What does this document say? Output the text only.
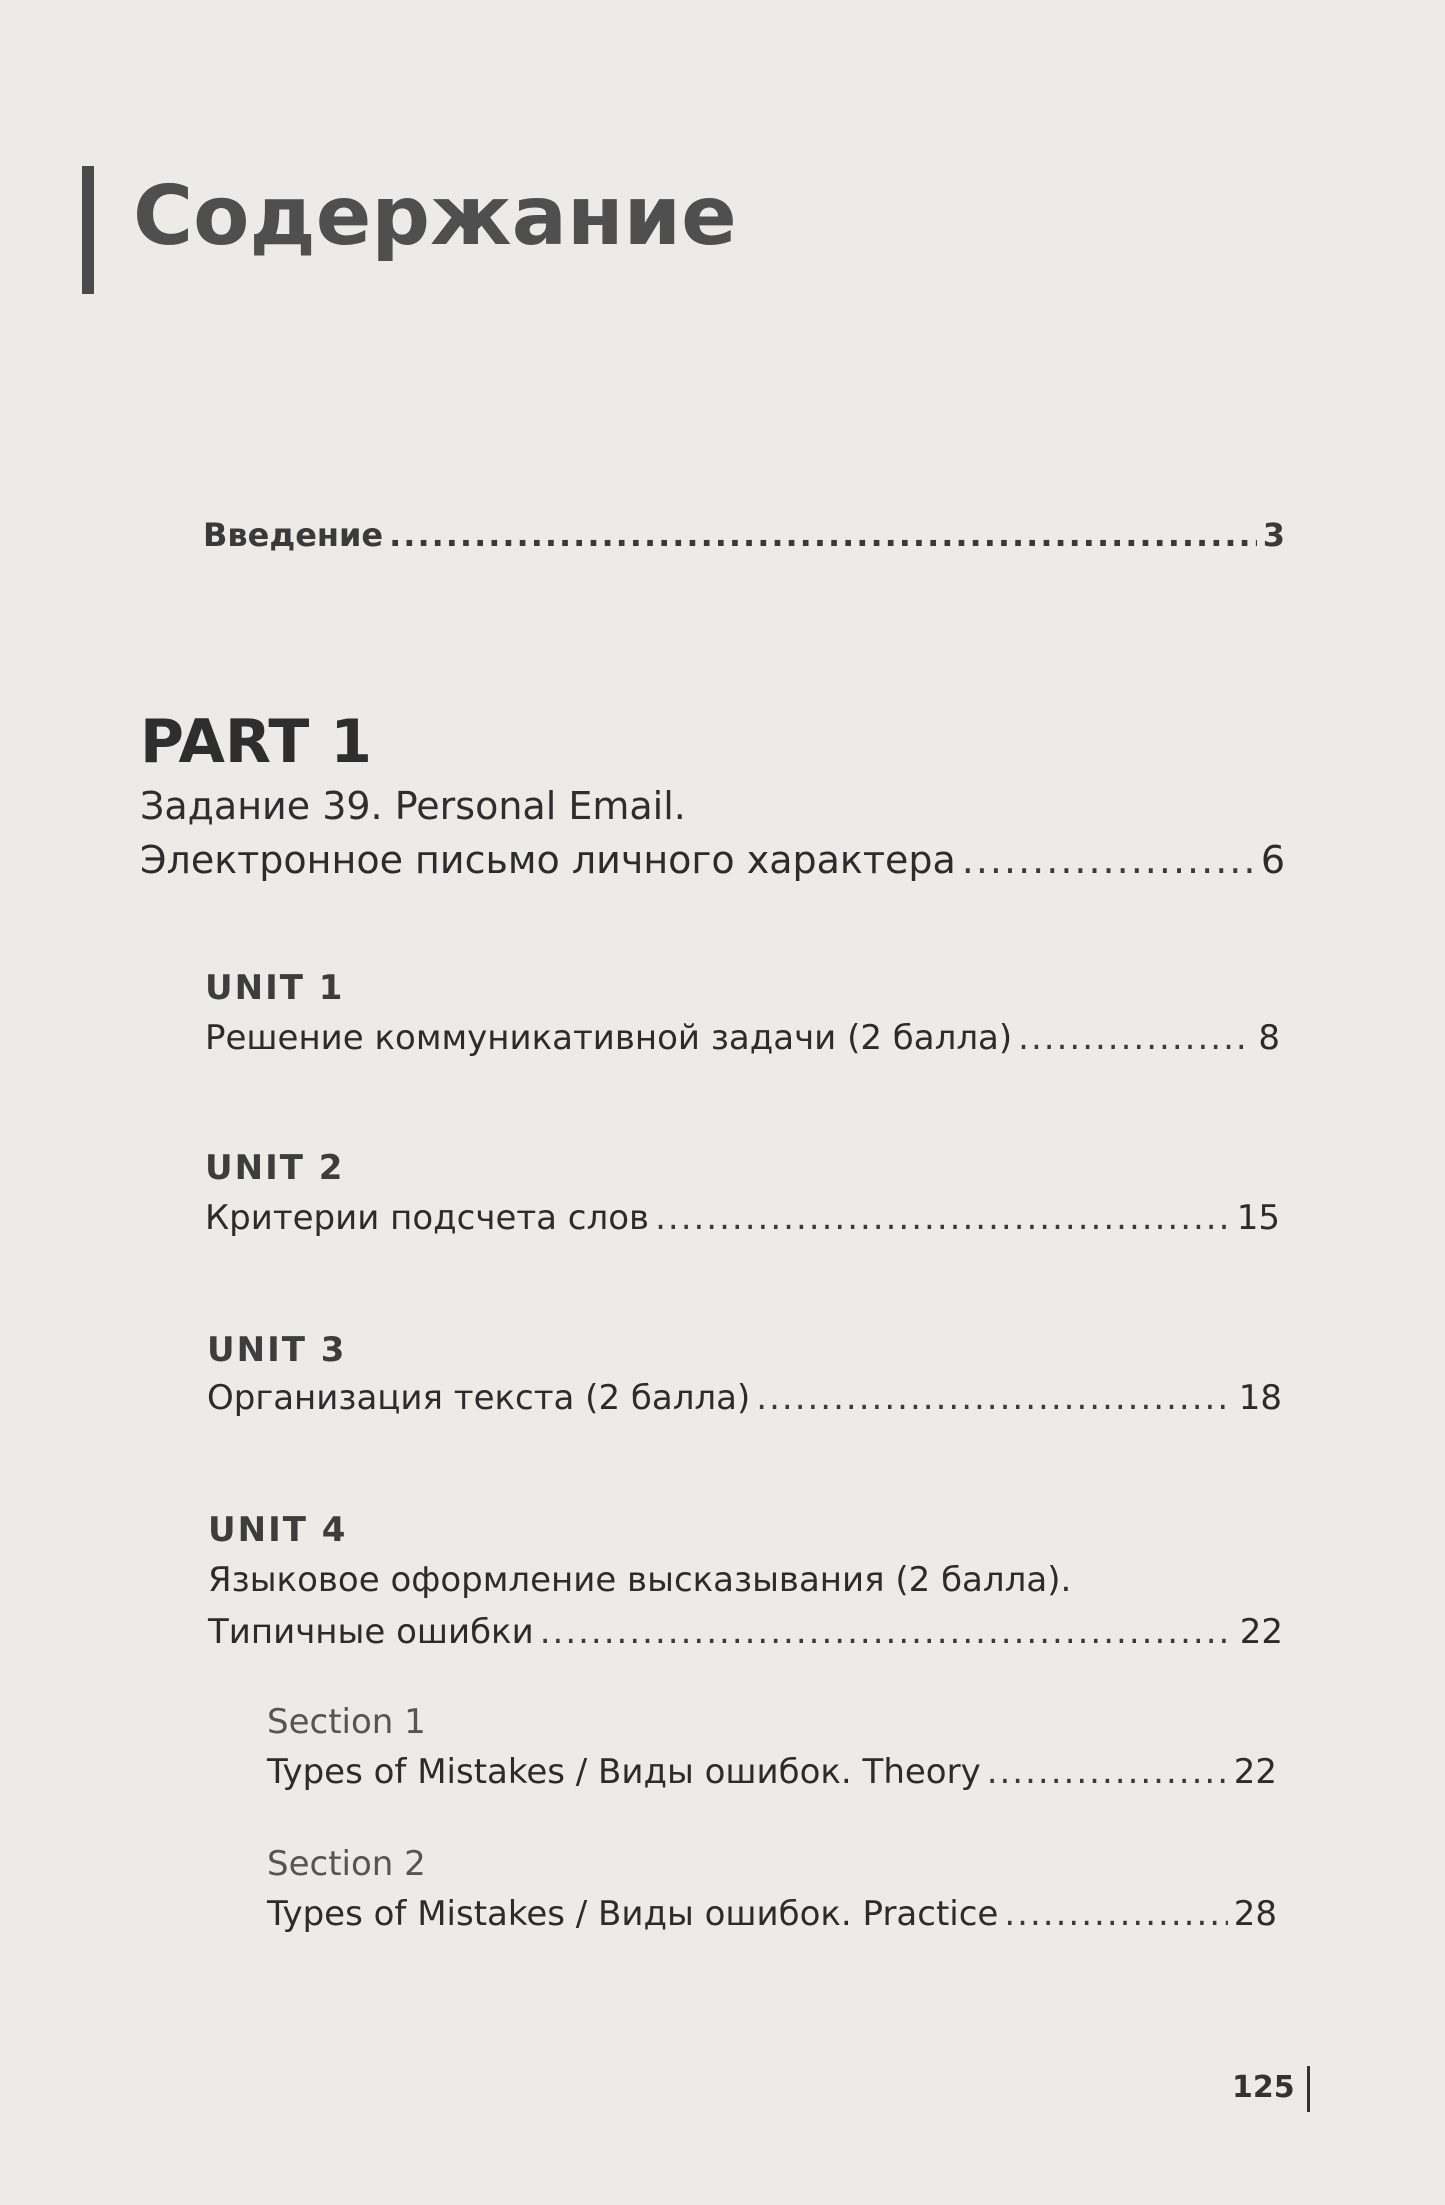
Содержание
Введение .....	3
PART 1
Задание 39. Personal Email.
Электронное письмо личного характера .....	6
UNIT 1
Решение коммуникативной задачи (2 балла) .....	8
UNIT 2
Критерии подсчета слов .....	15
UNIT 3
Организация текста (2 балла) .....	18
UNIT 4
Языковое оформление высказывания (2 балла).
Типичные ошибки .....	22
Section 1
Types of Mistakes / Виды ошибок. Theory .....	22
Section 2
Types of Mistakes / Виды ошибок. Practice .....	28
125
